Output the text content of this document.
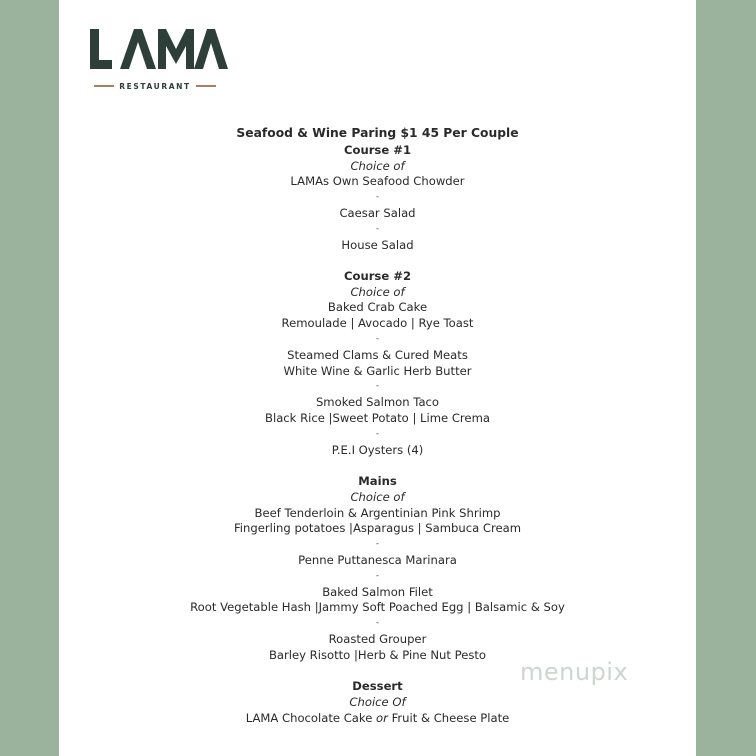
RESTAURANT
Seafood & Wine Paring $1 45 Per Couple
Course #1
Choice of
LAMAs Own Seafood Chowder
-
Caesar Salad
-
House Salad
Course #2
Choice of
Baked Crab Cake
Remoulade | Avocado | Rye Toast
-
Steamed Clams & Cured Meats
White Wine & Garlic Herb Butter
-
Smoked Salmon Taco
Black Rice |Sweet Potato | Lime Crema
-
P.E.I Oysters (4)
Mains
Choice of
Beef Tenderloin & Argentinian Pink Shrimp
Fingerling potatoes |Asparagus | Sambuca Cream
-
Penne Puttanesca Marinara
-
Baked Salmon Filet
Root Vegetable Hash |Jammy Soft Poached Egg | Balsamic & Soy
-
Roasted Grouper
Barley Risotto |Herb & Pine Nut Pesto
Dessert
Choice Of
LAMA Chocolate Cake or Fruit & Cheese Plate
menupix
